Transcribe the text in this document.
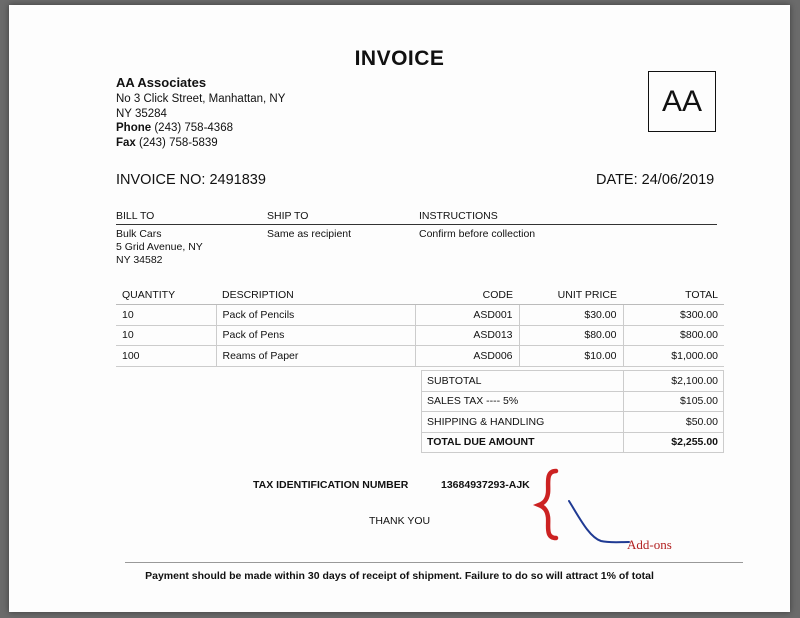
INVOICE
AA Associates
No 3 Click Street, Manhattan, NY
NY 35284
Phone (243) 758-4368
Fax (243) 758-5839
AA
INVOICE NO: 2491839	DATE: 24/06/2019
BILL TO	SHIP TO	INSTRUCTIONS
Bulk Cars
5 Grid Avenue, NY
NY 34582
Same as recipient	Confirm before collection
QUANTITY	DESCRIPTION	CODE	UNIT PRICE	TOTAL
10	Pack of Pencils	ASD001	$30.00	$300.00
10	Pack of Pens	ASD013	$80.00	$800.00
100	Reams of Paper	ASD006	$10.00	$1,000.00
SUBTOTAL	$2,100.00
SALES TAX ---- 5%	$105.00
SHIPPING & HANDLING	$50.00
TOTAL DUE AMOUNT	$2,255.00
TAX IDENTIFICATION NUMBER	13684937293-AJK
THANK YOU
Add-ons
Payment should be made within 30 days of receipt of shipment. Failure to do so will attract 1% of total
